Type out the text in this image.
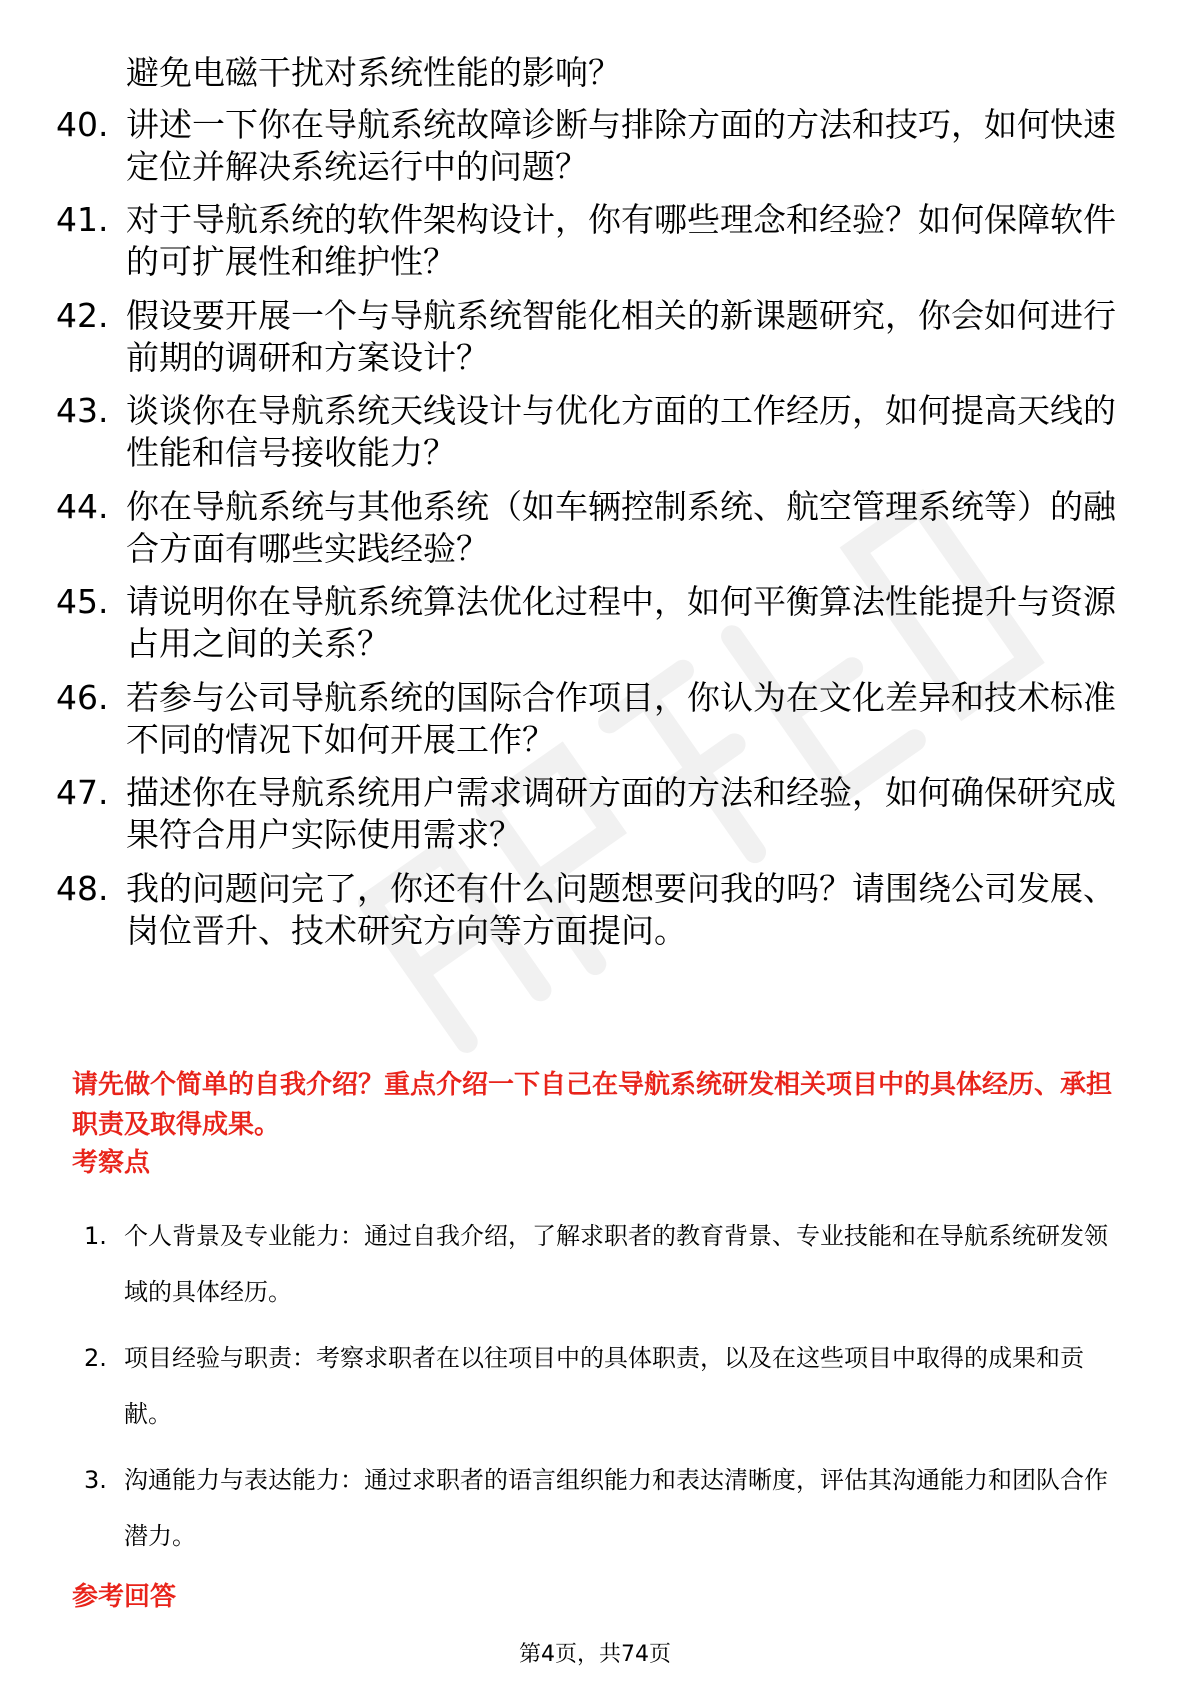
避免电磁干扰对系统性能的影响？
40. 讲述一下你在导航系统故障诊断与排除方面的方法和技巧，如何快速定位并解决系统运行中的问题？
41. 对于导航系统的软件架构设计，你有哪些理念和经验？如何保障软件的可扩展性和维护性？
42. 假设要开展一个与导航系统智能化相关的新课题研究，你会如何进行前期的调研和方案设计？
43. 谈谈你在导航系统天线设计与优化方面的工作经历，如何提高天线的性能和信号接收能力？
44. 你在导航系统与其他系统（如车辆控制系统、航空管理系统等）的融合方面有哪些实践经验？
45. 请说明你在导航系统算法优化过程中，如何平衡算法性能提升与资源占用之间的关系？
46. 若参与公司导航系统的国际合作项目，你认为在文化差异和技术标准不同的情况下如何开展工作？
47. 描述你在导航系统用户需求调研方面的方法和经验，如何确保研究成果符合用户实际使用需求？
48. 我的问题问完了，你还有什么问题想要问我的吗？请围绕公司发展、岗位晋升、技术研究方向等方面提问。
请先做个简单的自我介绍？重点介绍一下自己在导航系统研发相关项目中的具体经历、承担职责及取得成果。
考察点
1. 个人背景及专业能力：通过自我介绍，了解求职者的教育背景、专业技能和在导航系统研发领域的具体经历。
2. 项目经验与职责：考察求职者在以往项目中的具体职责，以及在这些项目中取得的成果和贡献。
3. 沟通能力与表达能力：通过求职者的语言组织能力和表达清晰度，评估其沟通能力和团队合作潜力。
参考回答
第4页，共74页
